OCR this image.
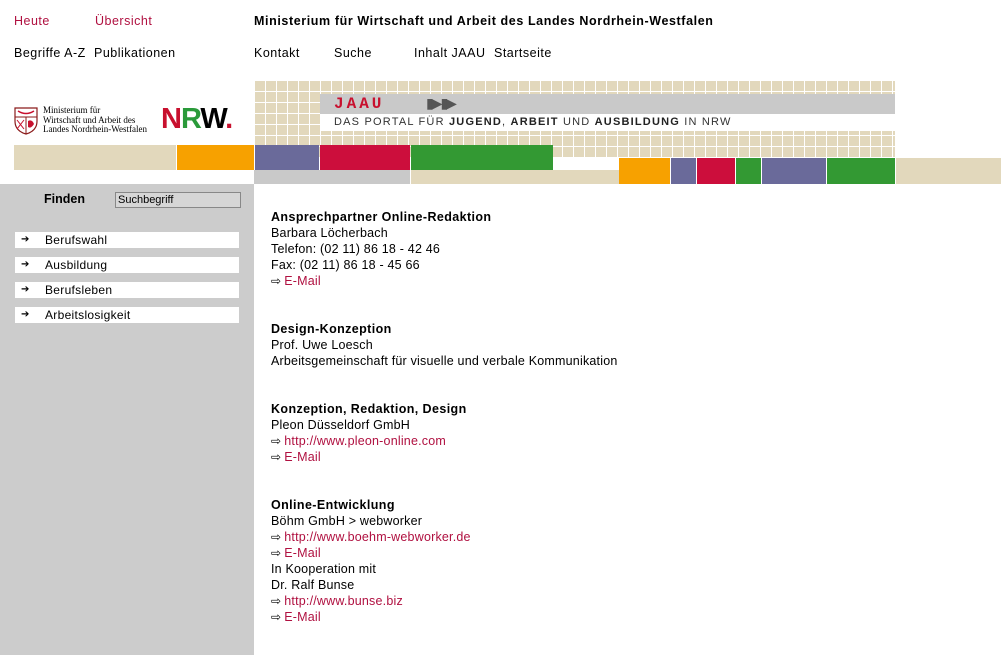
Heute	Übersicht	Ministerium für Wirtschaft und Arbeit des Landes Nordrhein-Westfalen
Begriffe A-Z Publikationen	Kontakt	Suche	Inhalt JAAU Startseite
Ministerium für
Wirtschaft und Arbeit des
Landes Nordrhein-Westfalen NRW.	JAAU	▮▶▮▶
DAS PORTAL FÜR JUGEND, ARBEIT UND AUSBILDUNG IN NRW
Finden	Suchbegriff
➔ Berufswahl
➔ Ausbildung
➔ Berufsleben
➔ Arbeitslosigkeit
Ansprechpartner Online-Redaktion
Barbara Löcherbach
Telefon: (02 11) 86 18 - 42 46
Fax: (02 11) 86 18 - 45 66
⇨ E-Mail
Design-Konzeption
Prof. Uwe Loesch
Arbeitsgemeinschaft für visuelle und verbale Kommunikation
Konzeption, Redaktion, Design
Pleon Düsseldorf GmbH
⇨ http://www.pleon-online.com
⇨ E-Mail
Online-Entwicklung
Böhm GmbH > webworker
⇨ http://www.boehm-webworker.de
⇨ E-Mail
In Kooperation mit
Dr. Ralf Bunse
⇨ http://www.bunse.biz
⇨ E-Mail
